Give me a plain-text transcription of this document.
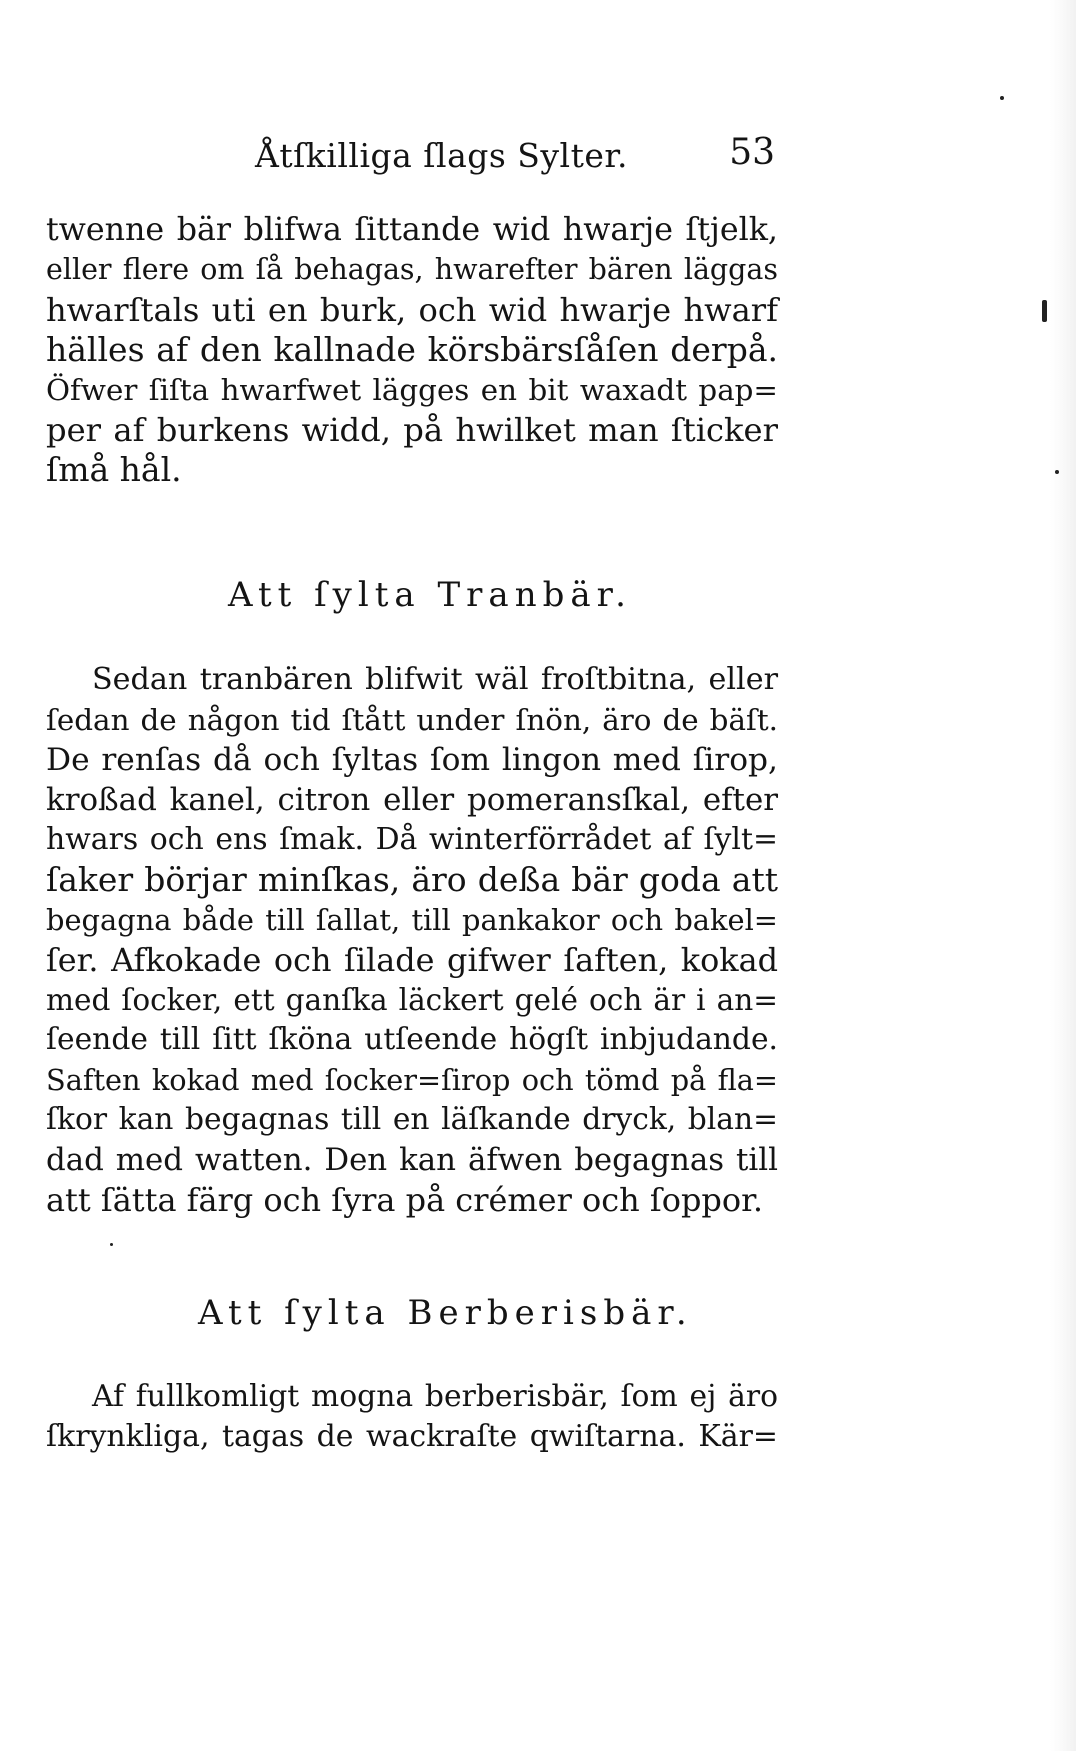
Åtſkilliga ſlags Sylter.	53
twenne bär blifwa ſittande wid hwarje ſtjelk,
eller flere om ſå behagas, hwarefter bären läggas
hwarſtals uti en burk, och wid hwarje hwarf
hälles af den kallnade körsbärsſåſen derpå.
Öfwer ſiſta hwarfwet lägges en bit waxadt pap=
per af burkens widd, på hwilket man ſticker
ſmå hål.
Att ſylta Tranbär.
Sedan tranbären blifwit wäl froſtbitna, eller
ſedan de någon tid ſtått under ſnön, äro de bäſt.
De renſas då och ſyltas ſom lingon med ſirop,
kroßad kanel, citron eller pomeransſkal, efter
hwars och ens ſmak. Då winterförrådet af ſylt=
ſaker börjar minſkas, äro deßa bär goda att
begagna både till ſallat, till pankakor och bakel=
ſer. Afkokade och ſilade gifwer ſaften, kokad
med ſocker, ett ganſka läckert gelé och är i an=
ſeende till ſitt ſköna utſeende högſt inbjudande.
Saften kokad med ſocker=ſirop och tömd på fla=
ſkor kan begagnas till en läſkande dryck, blan=
dad med watten. Den kan äfwen begagnas till
att ſätta färg och ſyra på crémer och ſoppor.
Att ſylta Berberisbär.
Af fullkomligt mogna berberisbär, ſom ej äro
ſkrynkliga, tagas de wackraſte qwiſtarna. Kär=
